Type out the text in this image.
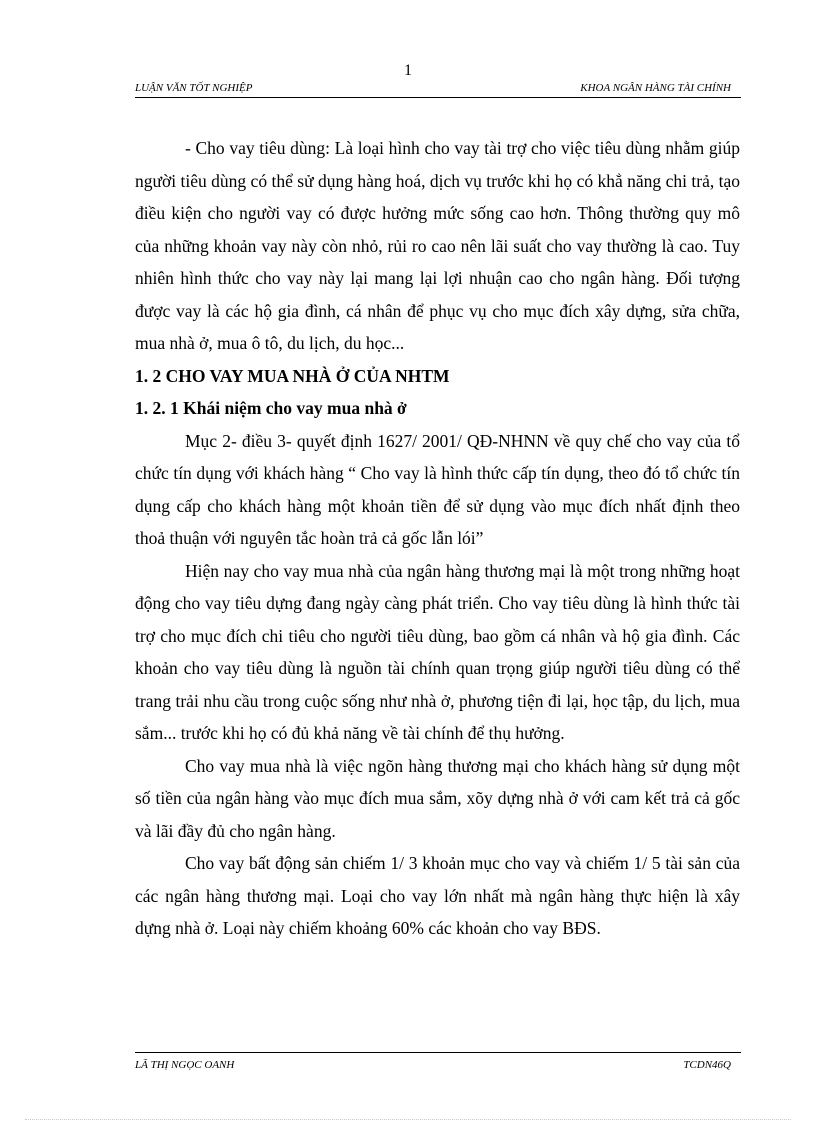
1
LUẬN VĂN TỐT NGHIỆP	KHOA NGÂN HÀNG TÀI CHÍNH

- Cho vay tiêu dùng: Là loại hình cho vay tài trợ cho việc tiêu dùng nhằm giúp người tiêu dùng có thể sử dụng hàng hoá, dịch vụ trước khi họ có khẳ năng chi trả, tạo điều kiện cho người vay có được hưởng mức sống cao hơn. Thông thường quy mô của những khoản vay này còn nhỏ, rủi ro cao nên lãi suất cho vay thường là cao. Tuy nhiên hình thức cho vay này lại mang lại lợi nhuận cao cho ngân hàng. Đối tượng được vay là các hộ gia đình, cá nhân để phục vụ cho mục đích xây dựng, sửa chữa, mua nhà ở, mua ô tô, du lịch, du học...

1. 2 CHO VAY MUA NHÀ Ở CỦA NHTM

1. 2. 1 Khái niệm cho vay mua nhà ở

Mục 2- điều 3- quyết định 1627/ 2001/ QĐ-NHNN về quy chế cho vay của tổ chức tín dụng với khách hàng “ Cho vay là hình thức cấp tín dụng, theo đó tổ chức tín dụng cấp cho khách hàng một khoản tiền để sử dụng vào mục đích nhất định theo thoả thuận với nguyên tắc hoàn trả cả gốc lẫn lói”

Hiện nay cho vay mua nhà của ngân hàng thương mại là một trong những hoạt động cho vay tiêu dựng đang ngày càng phát triển. Cho vay tiêu dùng là hình thức tài trợ cho mục đích chi tiêu cho người tiêu dùng, bao gồm cá nhân và hộ gia đình. Các khoản cho vay tiêu dùng là nguồn tài chính quan trọng giúp người tiêu dùng có thể trang trải nhu cầu trong cuộc sống như nhà ở, phương tiện đi lại, học tập, du lịch, mua sắm... trước khi họ có đủ khả năng về tài chính để thụ hưởng.

Cho vay mua nhà là việc ngõn hàng thương mại cho khách hàng sử dụng một số tiền của ngân hàng vào mục đích mua sắm, xõy dựng nhà ở với cam kết trả cả gốc và lãi đầy đủ cho ngân hàng.

Cho vay bất động sản chiếm 1/ 3 khoản mục cho vay và chiếm 1/ 5 tài sản của các ngân hàng thương mại. Loại cho vay lớn nhất mà ngân hàng thực hiện là xây dựng nhà ở. Loại này chiếm khoảng 60% các khoản cho vay BĐS.

LÃ THỊ NGỌC OANH	TCDN46Q
